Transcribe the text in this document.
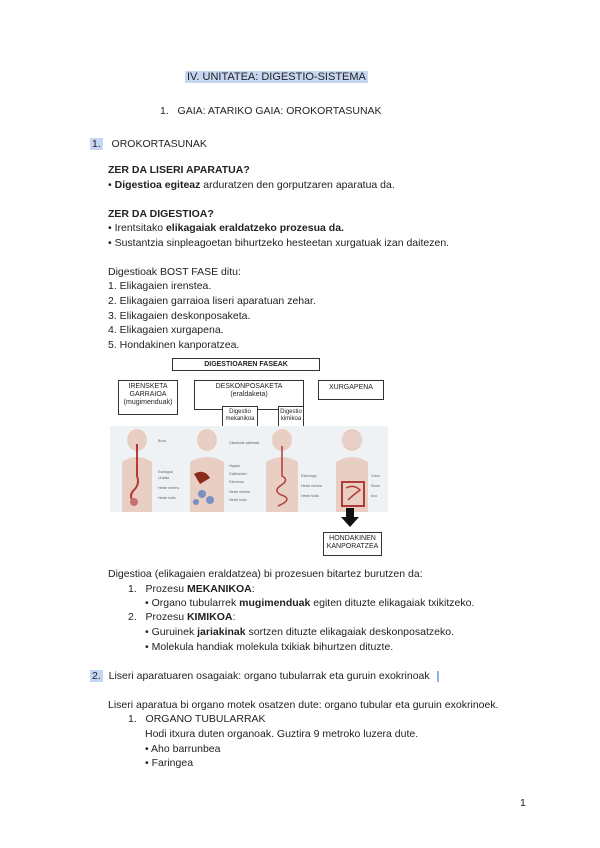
IV. UNITATEA: DIGESTIO-SISTEMA
1. GAIA: ATARIKO GAIA: OROKORTASUNAK
1. OROKORTASUNAK
ZER DA LISERI APARATUA?
• Digestioa egiteaz arduratzen den gorputzaren aparatua da.
ZER DA DIGESTIOA?
• Irentsitako elikagaiak eraldatzeko prozesua da.
• Sustantzia sinpleagoetan bihurtzeko hesteetan xurgatuak izan daitezen.
Digestioak BOST FASE ditu:
1. Elikagaien irenstea.
2. Elikagaien garraioa liseri aparatuan zehar.
3. Elikagaien deskonposaketa.
4. Elikagaien xurgapena.
5. Hondakinen kanporatzea.
DIGESTIOAREN FASEAK
IRENSKETA
GARRAIOA
(mugimenduak)
DESKONPOSAKETA
(eraldaketa)
Digestio
mekanikoa
Digestio
kimikoa
XURGAPENA
Boca
Esofagoa
Urdaila
Heste mehea
Heste lodia
Glandulak salibalak
Hígado
Gallbladder
Páncreas
Heste mehea
Heste lodia
Estómago
Heste mehea
Heste lodia
Colon
Recto
Ano
HONDAKINEN
KANPORATZEA
Digestioa (elikagaien eraldatzea) bi prozesuen bitartez burutzen da:
1. Prozesu MEKANIKOA:
• Organo tubularrek mugimenduak egiten dituzte elikagaiak txikitzeko.
2. Prozesu KIMIKOA:
• Guruinek jariakinak sortzen dituzte elikagaiak deskonposatzeko.
• Molekula handiak molekula txikiak bihurtzen dituzte.
2. Liseri aparatuaren osagaiak: organo tubularrak eta guruin exokrinoak
Liseri aparatua bi organo motek osatzen dute: organo tubular eta guruin exokrinoek.
1. ORGANO TUBULARRAK
Hodi itxura duten organoak. Guztira 9 metroko luzera dute.
• Aho barrunbea
• Faringea
1
